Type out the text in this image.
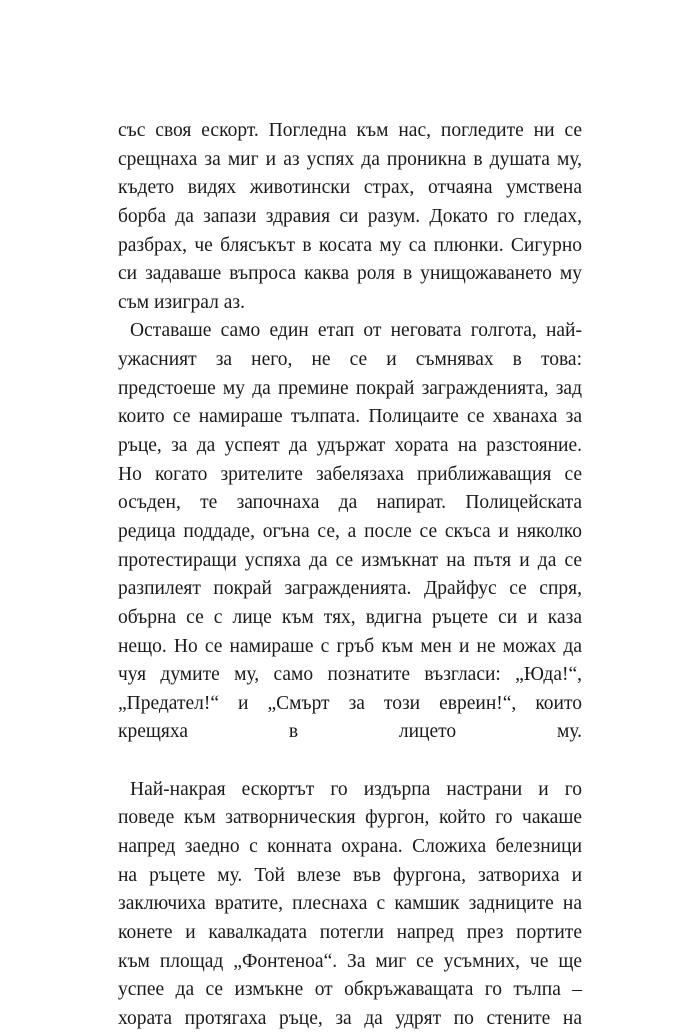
със своя ескорт. Погледна към нас, погледите ни се
срещнаха за миг и аз успях да проникна в душата му,
където видях животински страх, отчаяна умствена
борба да запази здравия си разум. Докато го гледах,
разбрах, че блясъкът в косата му са плюнки. Сигурно
си задаваше въпроса каква роля в унищожаването му
съм изиграл аз.
Оставаше само един етап от неговата голгота, най-
ужасният за него, не се и съмнявах в това:
предстоеше му да премине покрай загражденията, зад
които се намираше тълпата. Полицаите се хванаха за
ръце, за да успеят да удържат хората на разстояние.
Но когато зрителите забелязаха приближаващия се
осъден, те започнаха да напират. Полицейската
редица поддаде, огъна се, а после се скъса и няколко
протестиращи успяха да се измъкнат на пътя и да се
разпилеят покрай загражденията. Драйфус се спря,
обърна се с лице към тях, вдигна ръцете си и каза
нещо. Но се намираше с гръб към мен и не можах да
чуя думите му, само познатите възгласи: „Юда!“,
„Предател!“ и „Смърт за този евреин!“, които
крещяха в лицето му.
Най-накрая ескортът го издърпа настрани и го
поведе към затворническия фургон, който го чакаше
напред заедно с конната охрана. Сложиха белезници
на ръцете му. Той влезе във фургона, затвориха и
заключиха вратите, плеснаха с камшик задниците на
конете и кавалкадата потегли напред през портите
към площад „Фонтеноа“. За миг се усъмних, че ще
успее да се измъкне от обкръжаващата го тълпа –
хората протягаха ръце, за да удрят по стените на
